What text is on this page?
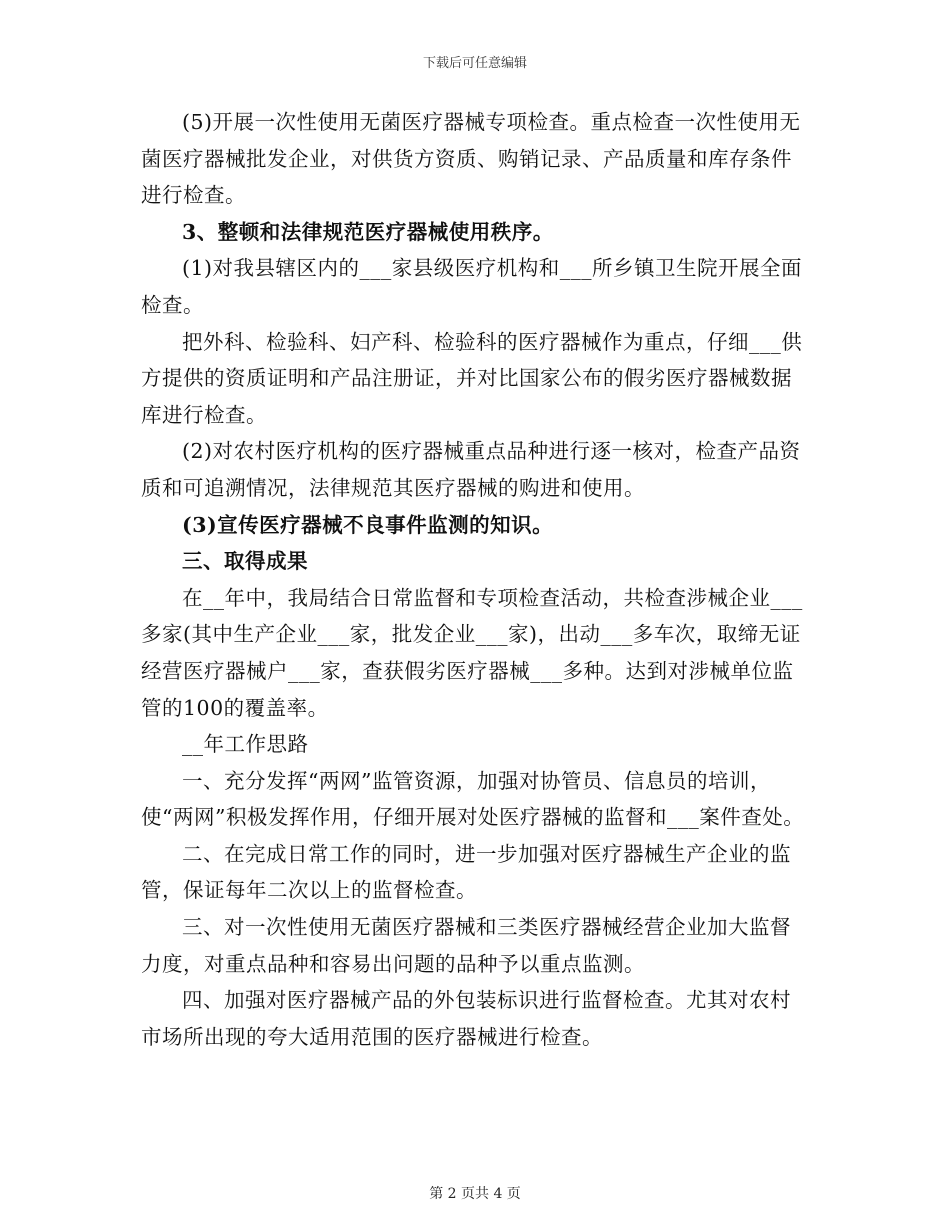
下载后可任意编辑

(5)开展一次性使用无菌医疗器械专项检查。重点检查一次性使用无菌医疗器械批发企业，对供货方资质、购销记录、产品质量和库存条件进行检查。

3、整顿和法律规范医疗器械使用秩序。

(1)对我县辖区内的___家县级医疗机构和___所乡镇卫生院开展全面检查。

把外科、检验科、妇产科、检验科的医疗器械作为重点，仔细___供方提供的资质证明和产品注册证，并对比国家公布的假劣医疗器械数据库进行检查。

(2)对农村医疗机构的医疗器械重点品种进行逐一核对，检查产品资质和可追溯情况，法律规范其医疗器械的购进和使用。

(3)宣传医疗器械不良事件监测的知识。

三、取得成果

在__年中，我局结合日常监督和专项检查活动，共检查涉械企业___多家(其中生产企业___家，批发企业___家)，出动___多车次，取缔无证经营医疗器械户___家，查获假劣医疗器械___多种。达到对涉械单位监管的100的覆盖率。

__年工作思路

一、充分发挥“两网”监管资源，加强对协管员、信息员的培训，使“两网”积极发挥作用，仔细开展对处医疗器械的监督和___案件查处。

二、在完成日常工作的同时，进一步加强对医疗器械生产企业的监管，保证每年二次以上的监督检查。

三、对一次性使用无菌医疗器械和三类医疗器械经营企业加大监督力度，对重点品种和容易出问题的品种予以重点监测。

四、加强对医疗器械产品的外包装标识进行监督检查。尤其对农村市场所出现的夸大适用范围的医疗器械进行检查。

第 2 页共 4 页
